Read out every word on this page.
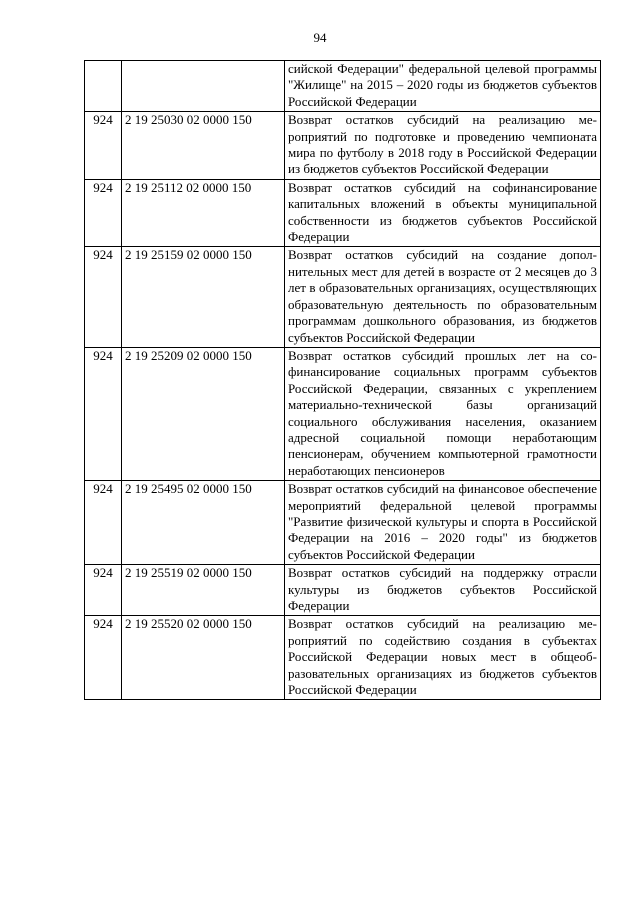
94
		сийской Федерации" федеральной целевой программы "Жилище" на 2015 – 2020 годы из бюджетов субъектов Российской Федерации
924	2 19 25030 02 0000 150	Возврат остатков субсидий на реализацию мероприятий по подготовке и проведению чемпионата мира по футболу в 2018 году в Российской Федерации из бюджетов субъектов Российской Федерации
924	2 19 25112 02 0000 150	Возврат остатков субсидий на софинансирование капитальных вложений в объекты муниципальной собственности из бюджетов субъектов Российской Федерации
924	2 19 25159 02 0000 150	Возврат остатков субсидий на создание дополнительных мест для детей в возрасте от 2 месяцев до 3 лет в образовательных организациях, осуществляющих образовательную деятельность по образовательным программам дошкольного образования, из бюджетов субъектов Российской Федерации
924	2 19 25209 02 0000 150	Возврат остатков субсидий прошлых лет на софинансирование социальных программ субъектов Российской Федерации, связанных с укреплением материально-технической базы организаций социального обслуживания населения, оказанием адресной социальной помощи неработающим пенсионерам, обучением компьютерной грамотности неработающих пенсионеров
924	2 19 25495 02 0000 150	Возврат остатков субсидий на финансовое обеспечение мероприятий федеральной целевой программы "Развитие физической культуры и спорта в Российской Федерации на 2016 – 2020 годы" из бюджетов субъектов Российской Федерации
924	2 19 25519 02 0000 150	Возврат остатков субсидий на поддержку отрасли культуры из бюджетов субъектов Российской Федерации
924	2 19 25520 02 0000 150	Возврат остатков субсидий на реализацию мероприятий по содействию создания в субъектах Российской Федерации новых мест в общеобразовательных организациях из бюджетов субъектов Российской Федерации
